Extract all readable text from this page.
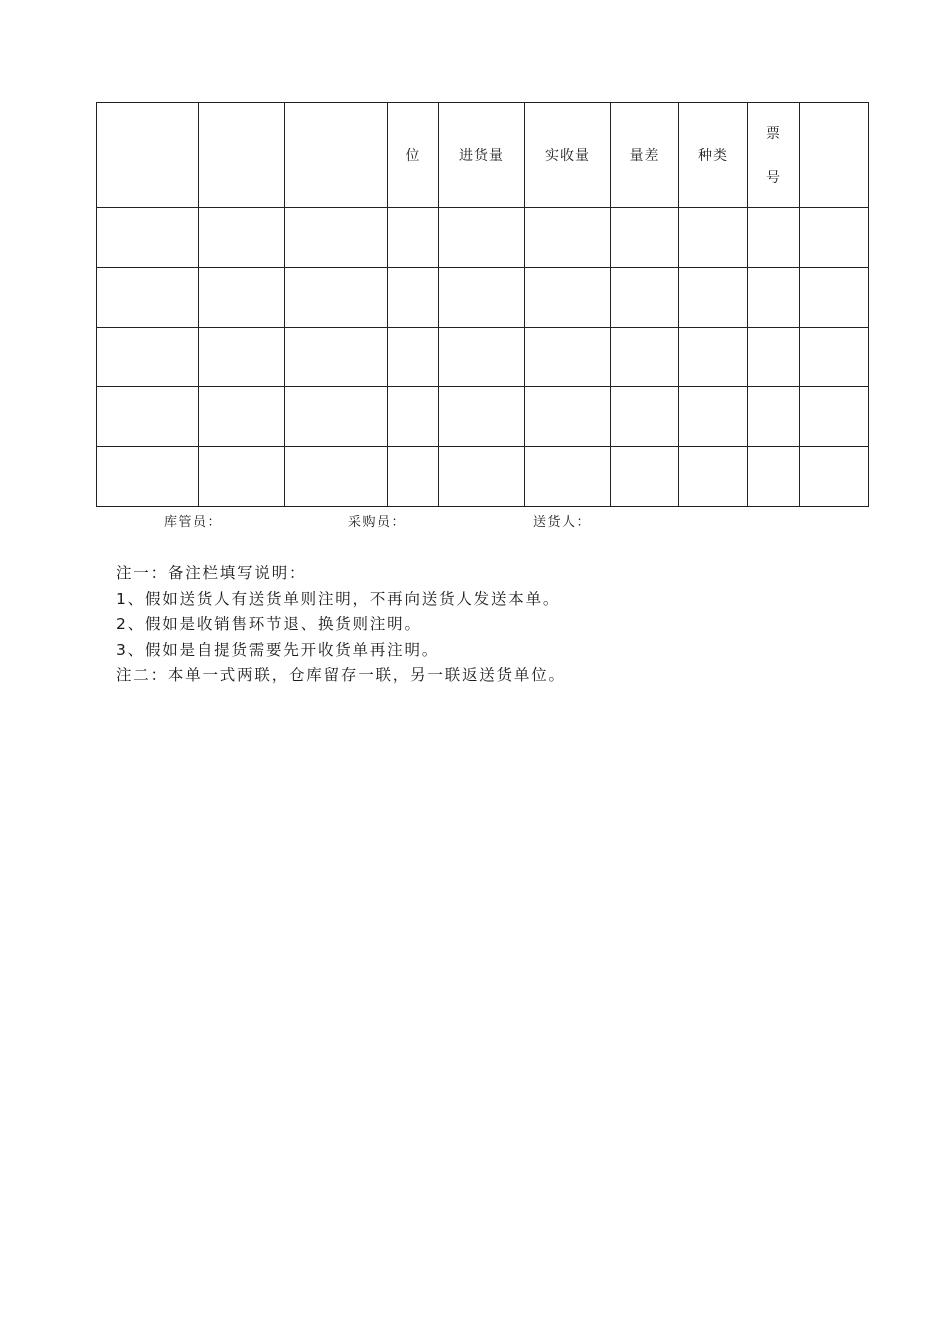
			位	进货量	实收量	量差	种类	票
号	

库管员：	采购员：	送货人：
注一：备注栏填写说明：
1、假如送货人有送货单则注明，不再向送货人发送本单。
2、假如是收销售环节退、换货则注明。
3、假如是自提货需要先开收货单再注明。
注二：本单一式两联，仓库留存一联，另一联返送货单位。
